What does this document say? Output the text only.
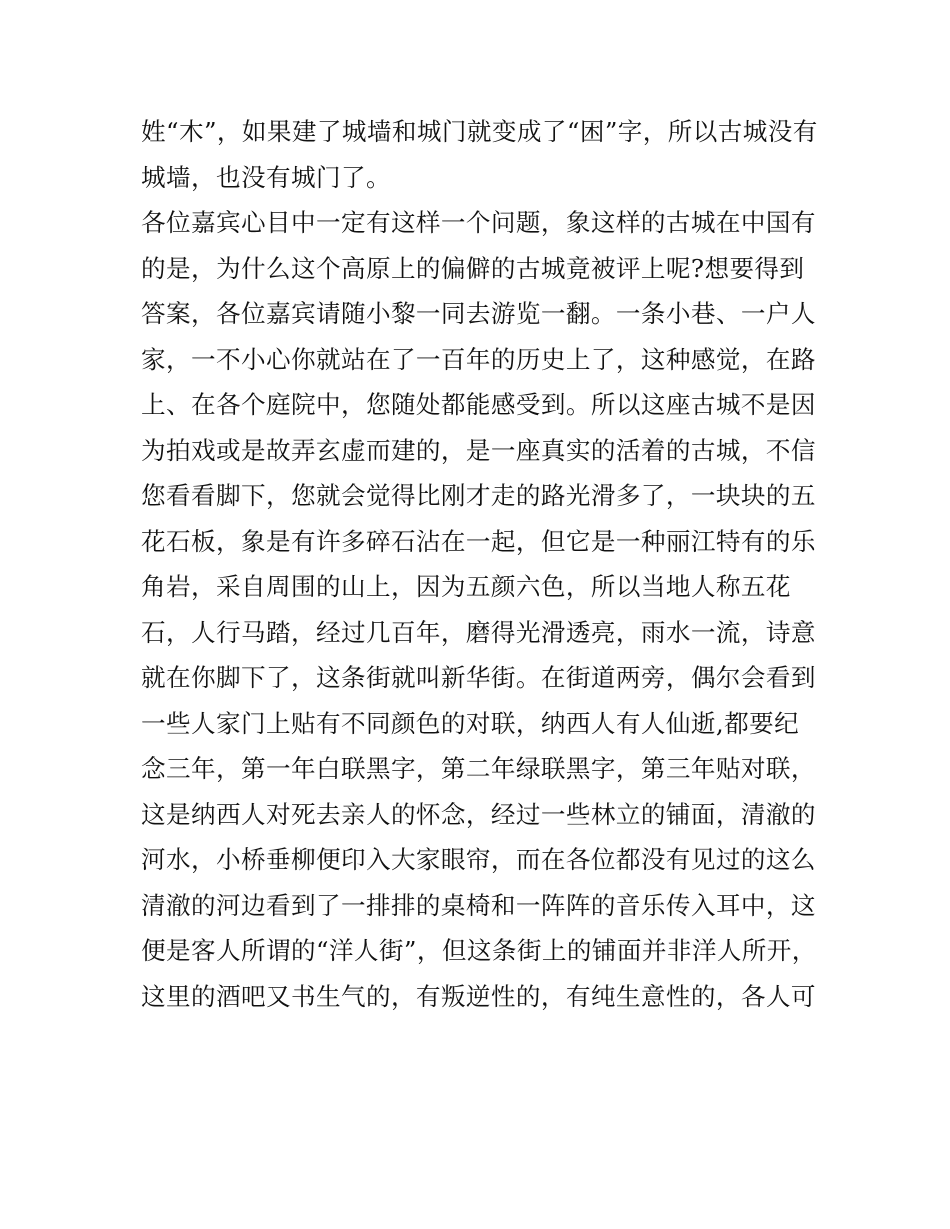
姓“木”，如果建了城墙和城门就变成了“困”字，所以古城没有
城墙，也没有城门了。
各位嘉宾心目中一定有这样一个问题，象这样的古城在中国有
的是，为什么这个高原上的偏僻的古城竟被评上呢?想要得到
答案，各位嘉宾请随小黎一同去游览一翻。一条小巷、一户人
家，一不小心你就站在了一百年的历史上了，这种感觉，在路
上、在各个庭院中，您随处都能感受到。所以这座古城不是因
为拍戏或是故弄玄虚而建的，是一座真实的活着的古城，不信
您看看脚下，您就会觉得比刚才走的路光滑多了，一块块的五
花石板，象是有许多碎石沾在一起，但它是一种丽江特有的乐
角岩，采自周围的山上，因为五颜六色，所以当地人称五花
石，人行马踏，经过几百年，磨得光滑透亮，雨水一流，诗意
就在你脚下了，这条街就叫新华街。在街道两旁，偶尔会看到
一些人家门上贴有不同颜色的对联，纳西人有人仙逝,都要纪
念三年，第一年白联黑字，第二年绿联黑字，第三年贴对联，
这是纳西人对死去亲人的怀念，经过一些林立的铺面，清澈的
河水，小桥垂柳便印入大家眼帘，而在各位都没有见过的这么
清澈的河边看到了一排排的桌椅和一阵阵的音乐传入耳中，这
便是客人所谓的“洋人街”，但这条街上的铺面并非洋人所开，
这里的酒吧又书生气的，有叛逆性的，有纯生意性的，各人可
